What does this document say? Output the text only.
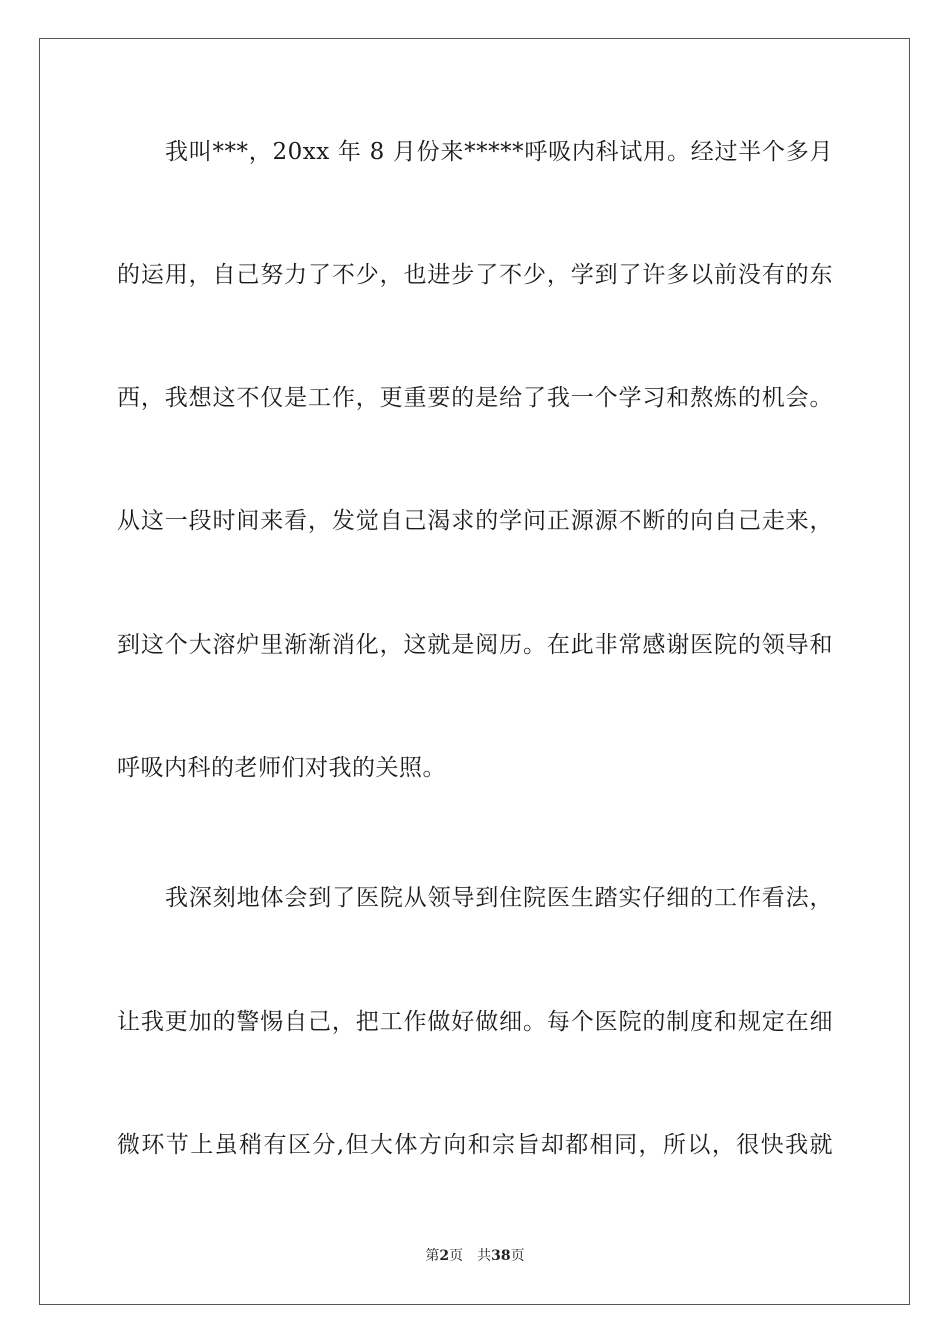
我叫***，20xx 年 8 月份来*****呼吸内科试用。经过半个多月
的运用，自己努力了不少，也进步了不少，学到了许多以前没有的东
西，我想这不仅是工作，更重要的是给了我一个学习和熬炼的机会。
从这一段时间来看，发觉自己渴求的学问正源源不断的向自己走来，
到这个大溶炉里渐渐消化，这就是阅历。在此非常感谢医院的领导和
呼吸内科的老师们对我的关照。
我深刻地体会到了医院从领导到住院医生踏实仔细的工作看法，
让我更加的警惕自己，把工作做好做细。每个医院的制度和规定在细
微环节上虽稍有区分,但大体方向和宗旨却都相同，所以，很快我就
第2页 共38页
